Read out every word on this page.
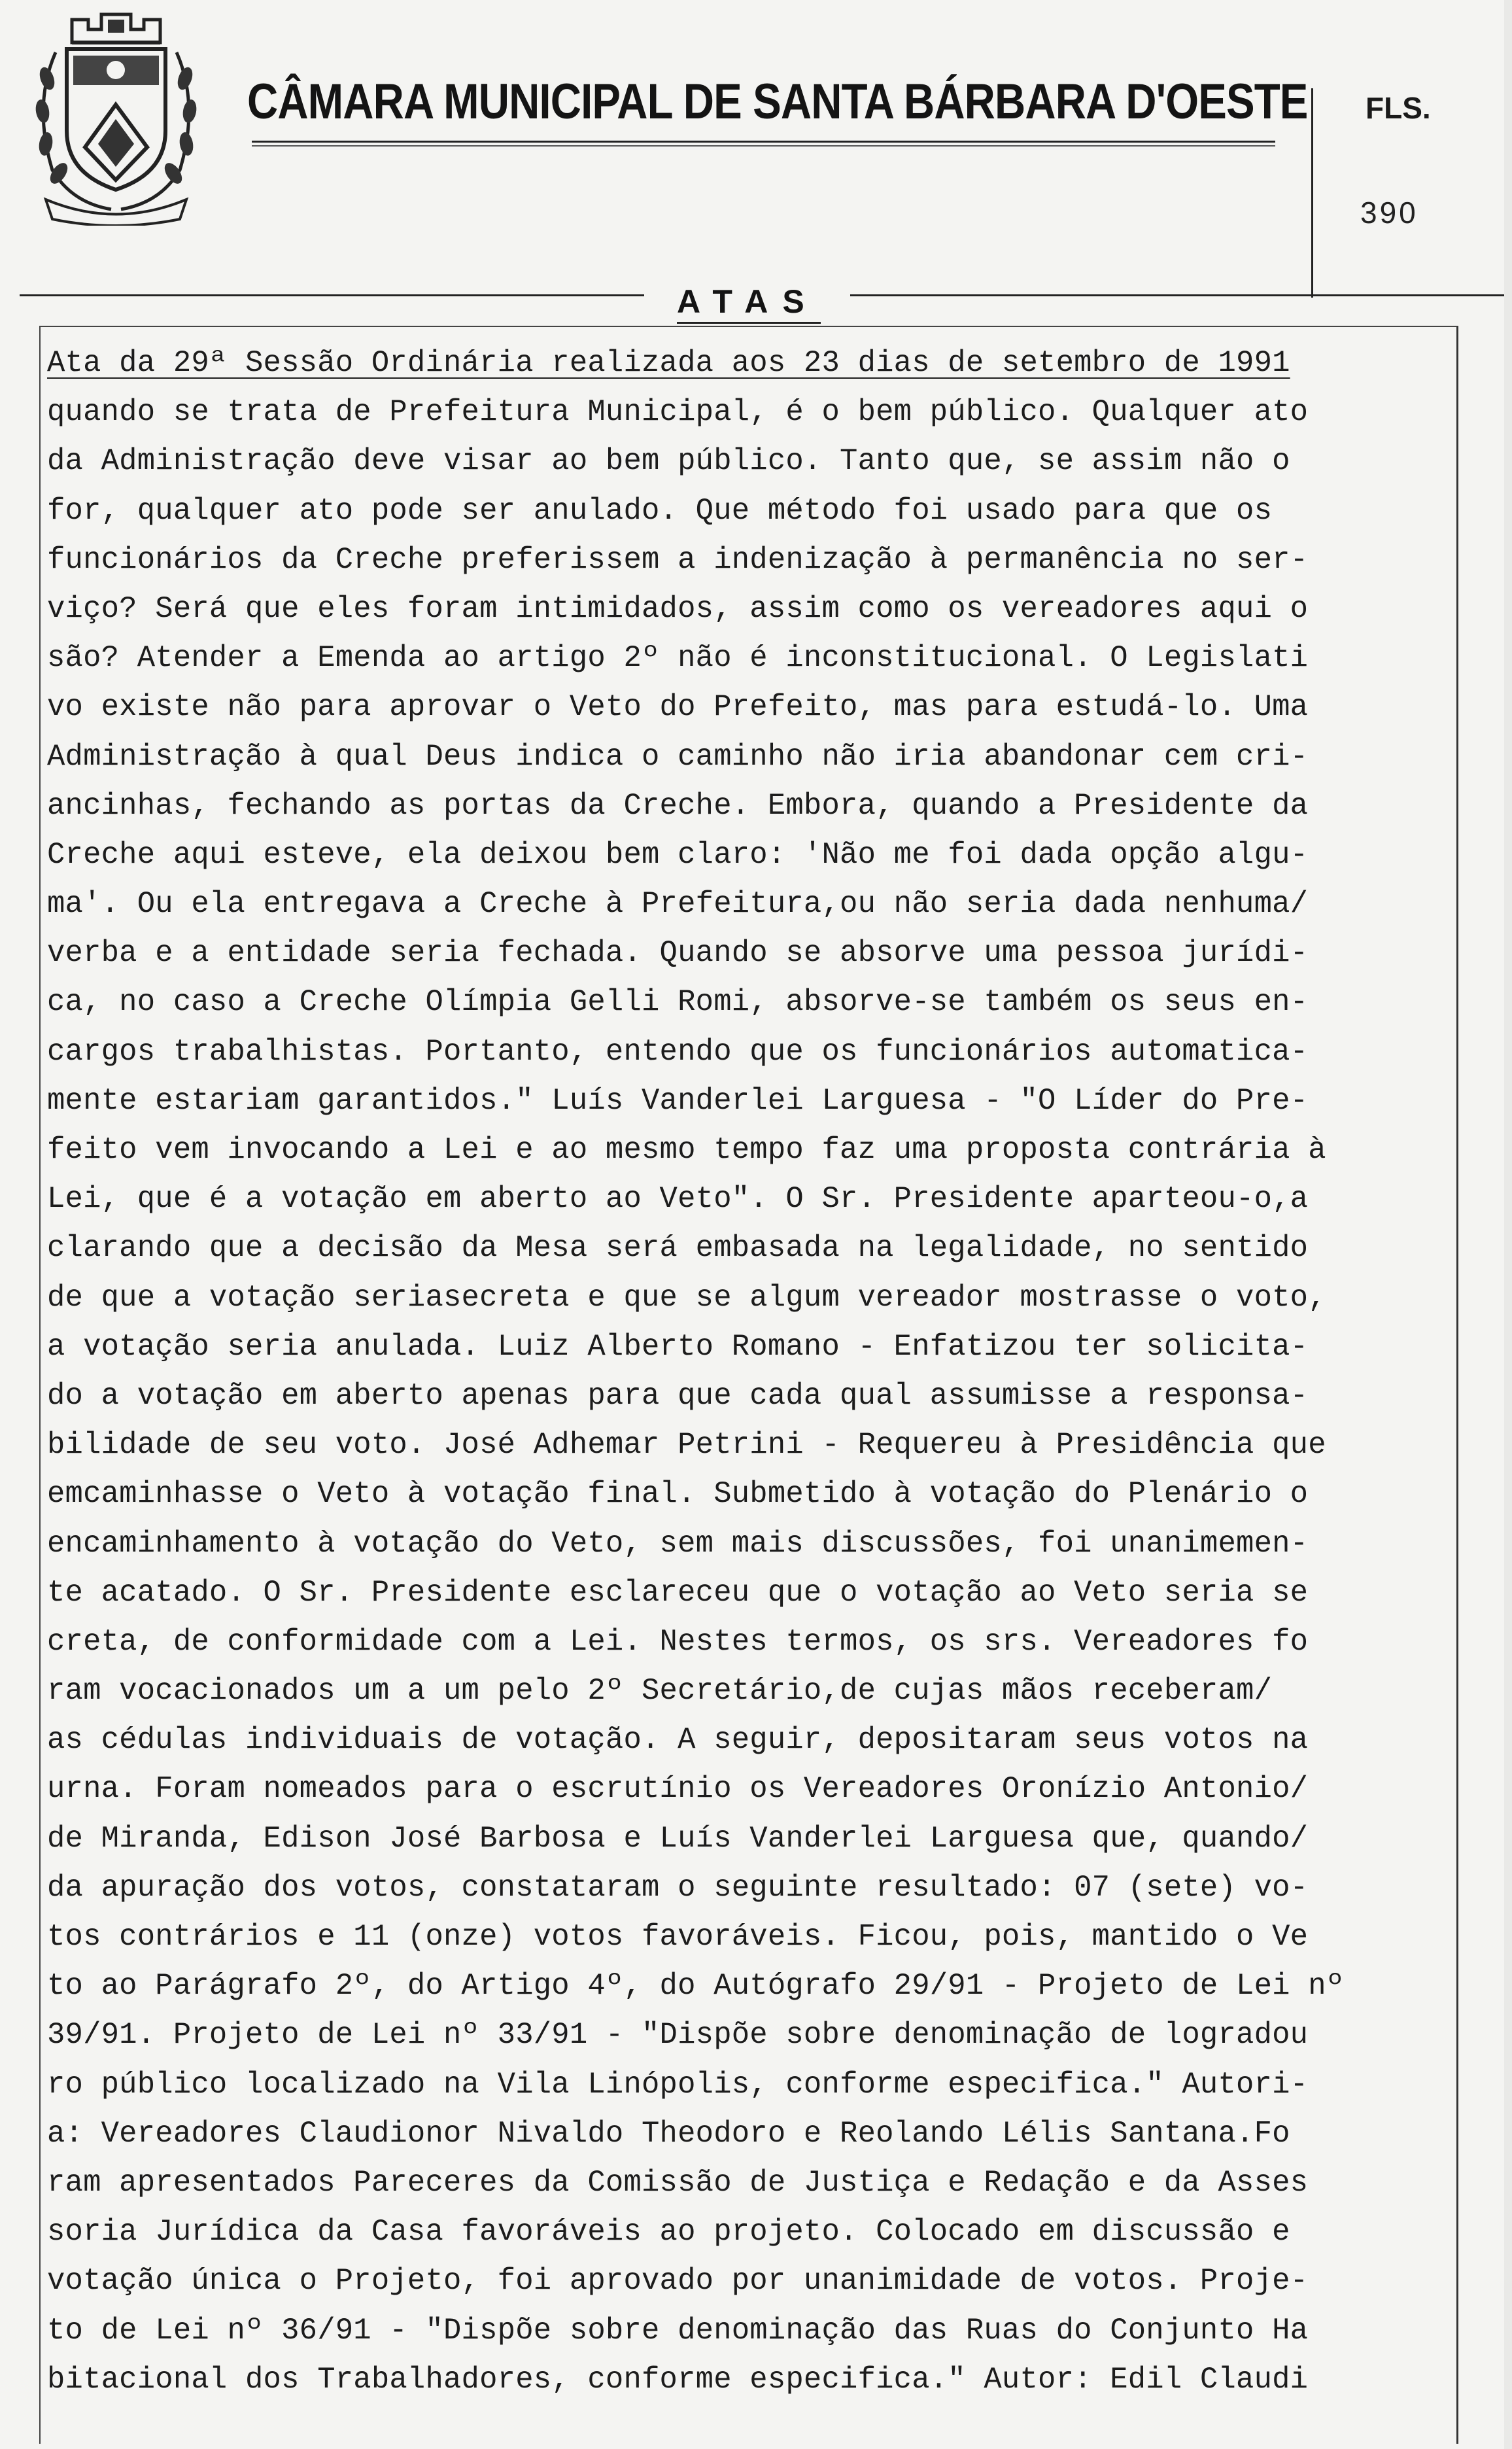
CÂMARA MUNICIPAL DE SANTA BÁRBARA D'OESTE FLS.
390
ATAS
Ata da 29ª Sessão Ordinária realizada aos 23 dias de setembro de 1991
quando se trata de Prefeitura Municipal, é o bem público. Qualquer ato
da Administração deve visar ao bem público. Tanto que, se assim não o
for, qualquer ato pode ser anulado. Que método foi usado para que os
funcionários da Creche preferissem a indenização à permanência no ser-
viço? Será que eles foram intimidados, assim como os vereadores aqui o
são? Atender a Emenda ao artigo 2º não é inconstitucional. O Legislati
vo existe não para aprovar o Veto do Prefeito, mas para estudá-lo. Uma
Administração à qual Deus indica o caminho não iria abandonar cem cri-
ancinhas, fechando as portas da Creche. Embora, quando a Presidente da
Creche aqui esteve, ela deixou bem claro: 'Não me foi dada opção algu-
ma'. Ou ela entregava a Creche à Prefeitura,ou não seria dada nenhuma/
verba e a entidade seria fechada. Quando se absorve uma pessoa jurídi-
ca, no caso a Creche Olímpia Gelli Romi, absorve-se também os seus en-
cargos trabalhistas. Portanto, entendo que os funcionários automatica-
mente estariam garantidos." Luís Vanderlei Larguesa - "O Líder do Pre-
feito vem invocando a Lei e ao mesmo tempo faz uma proposta contrária à
Lei, que é a votação em aberto ao Veto". O Sr. Presidente aparteou-o,a
clarando que a decisão da Mesa será embasada na legalidade, no sentido
de que a votação seriasecreta e que se algum vereador mostrasse o voto,
a votação seria anulada. Luiz Alberto Romano - Enfatizou ter solicita-
do a votação em aberto apenas para que cada qual assumisse a responsa-
bilidade de seu voto. José Adhemar Petrini - Requereu à Presidência que
emcaminhasse o Veto à votação final. Submetido à votação do Plenário o
encaminhamento à votação do Veto, sem mais discussões, foi unanimemen-
te acatado. O Sr. Presidente esclareceu que o votação ao Veto seria se
creta, de conformidade com a Lei. Nestes termos, os srs. Vereadores fo
ram vocacionados um a um pelo 2º Secretário,de cujas mãos receberam/
as cédulas individuais de votação. A seguir, depositaram seus votos na
urna. Foram nomeados para o escrutínio os Vereadores Oronízio Antonio/
de Miranda, Edison José Barbosa e Luís Vanderlei Larguesa que, quando/
da apuração dos votos, constataram o seguinte resultado: 07 (sete) vo-
tos contrários e 11 (onze) votos favoráveis. Ficou, pois, mantido o Ve
to ao Parágrafo 2º, do Artigo 4º, do Autógrafo 29/91 - Projeto de Lei nº
39/91. Projeto de Lei nº 33/91 - "Dispõe sobre denominação de logradou
ro público localizado na Vila Linópolis, conforme especifica." Autori-
a: Vereadores Claudionor Nivaldo Theodoro e Reolando Lélis Santana.Fo
ram apresentados Pareceres da Comissão de Justiça e Redação e da Asses
soria Jurídica da Casa favoráveis ao projeto. Colocado em discussão e
votação única o Projeto, foi aprovado por unanimidade de votos. Proje-
to de Lei nº 36/91 - "Dispõe sobre denominação das Ruas do Conjunto Ha
bitacional dos Trabalhadores, conforme especifica." Autor: Edil Claudi
